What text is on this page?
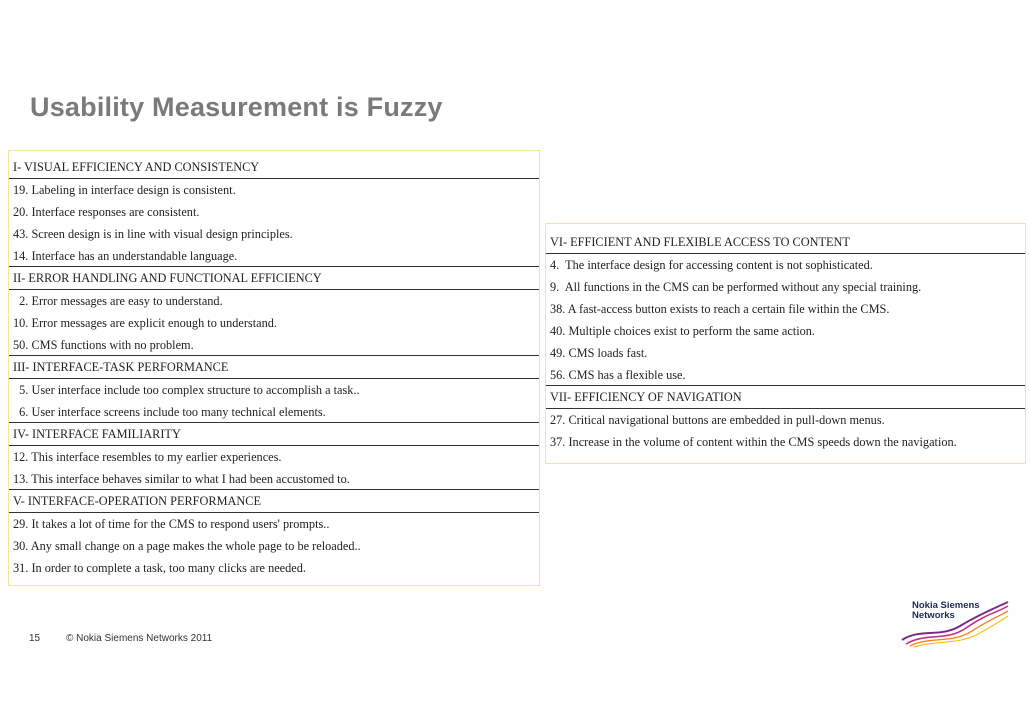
Usability Measurement is Fuzzy
I- VISUAL EFFICIENCY AND CONSISTENCY
19. Labeling in interface design is consistent.
20. Interface responses are consistent.
43. Screen design is in line with visual design principles.
14. Interface has an understandable language.
II- ERROR HANDLING AND FUNCTIONAL EFFICIENCY
2. Error messages are easy to understand.
10. Error messages are explicit enough to understand.
50. CMS functions with no problem.
III- INTERFACE-TASK PERFORMANCE
5. User interface include too complex structure to accomplish a task..
6. User interface screens include too many technical elements.
IV- INTERFACE FAMILIARITY
12. This interface resembles to my earlier experiences.
13. This interface behaves similar to what I had been accustomed to.
V- INTERFACE-OPERATION PERFORMANCE
29. It takes a lot of time for the CMS to respond users' prompts..
30. Any small change on a page makes the whole page to be reloaded..
31. In order to complete a task, too many clicks are needed.
VI- EFFICIENT AND FLEXIBLE ACCESS TO CONTENT
4.  The interface design for accessing content is not sophisticated.
9.  All functions in the CMS can be performed without any special training.
38. A fast-access button exists to reach a certain file within the CMS.
40. Multiple choices exist to perform the same action.
49. CMS loads fast.
56. CMS has a flexible use.
VII- EFFICIENCY OF NAVIGATION
27. Critical navigational buttons are embedded in pull-down menus.
37. Increase in the volume of content within the CMS speeds down the navigation.
15	© Nokia Siemens Networks 2011
Nokia Siemens
Networks
